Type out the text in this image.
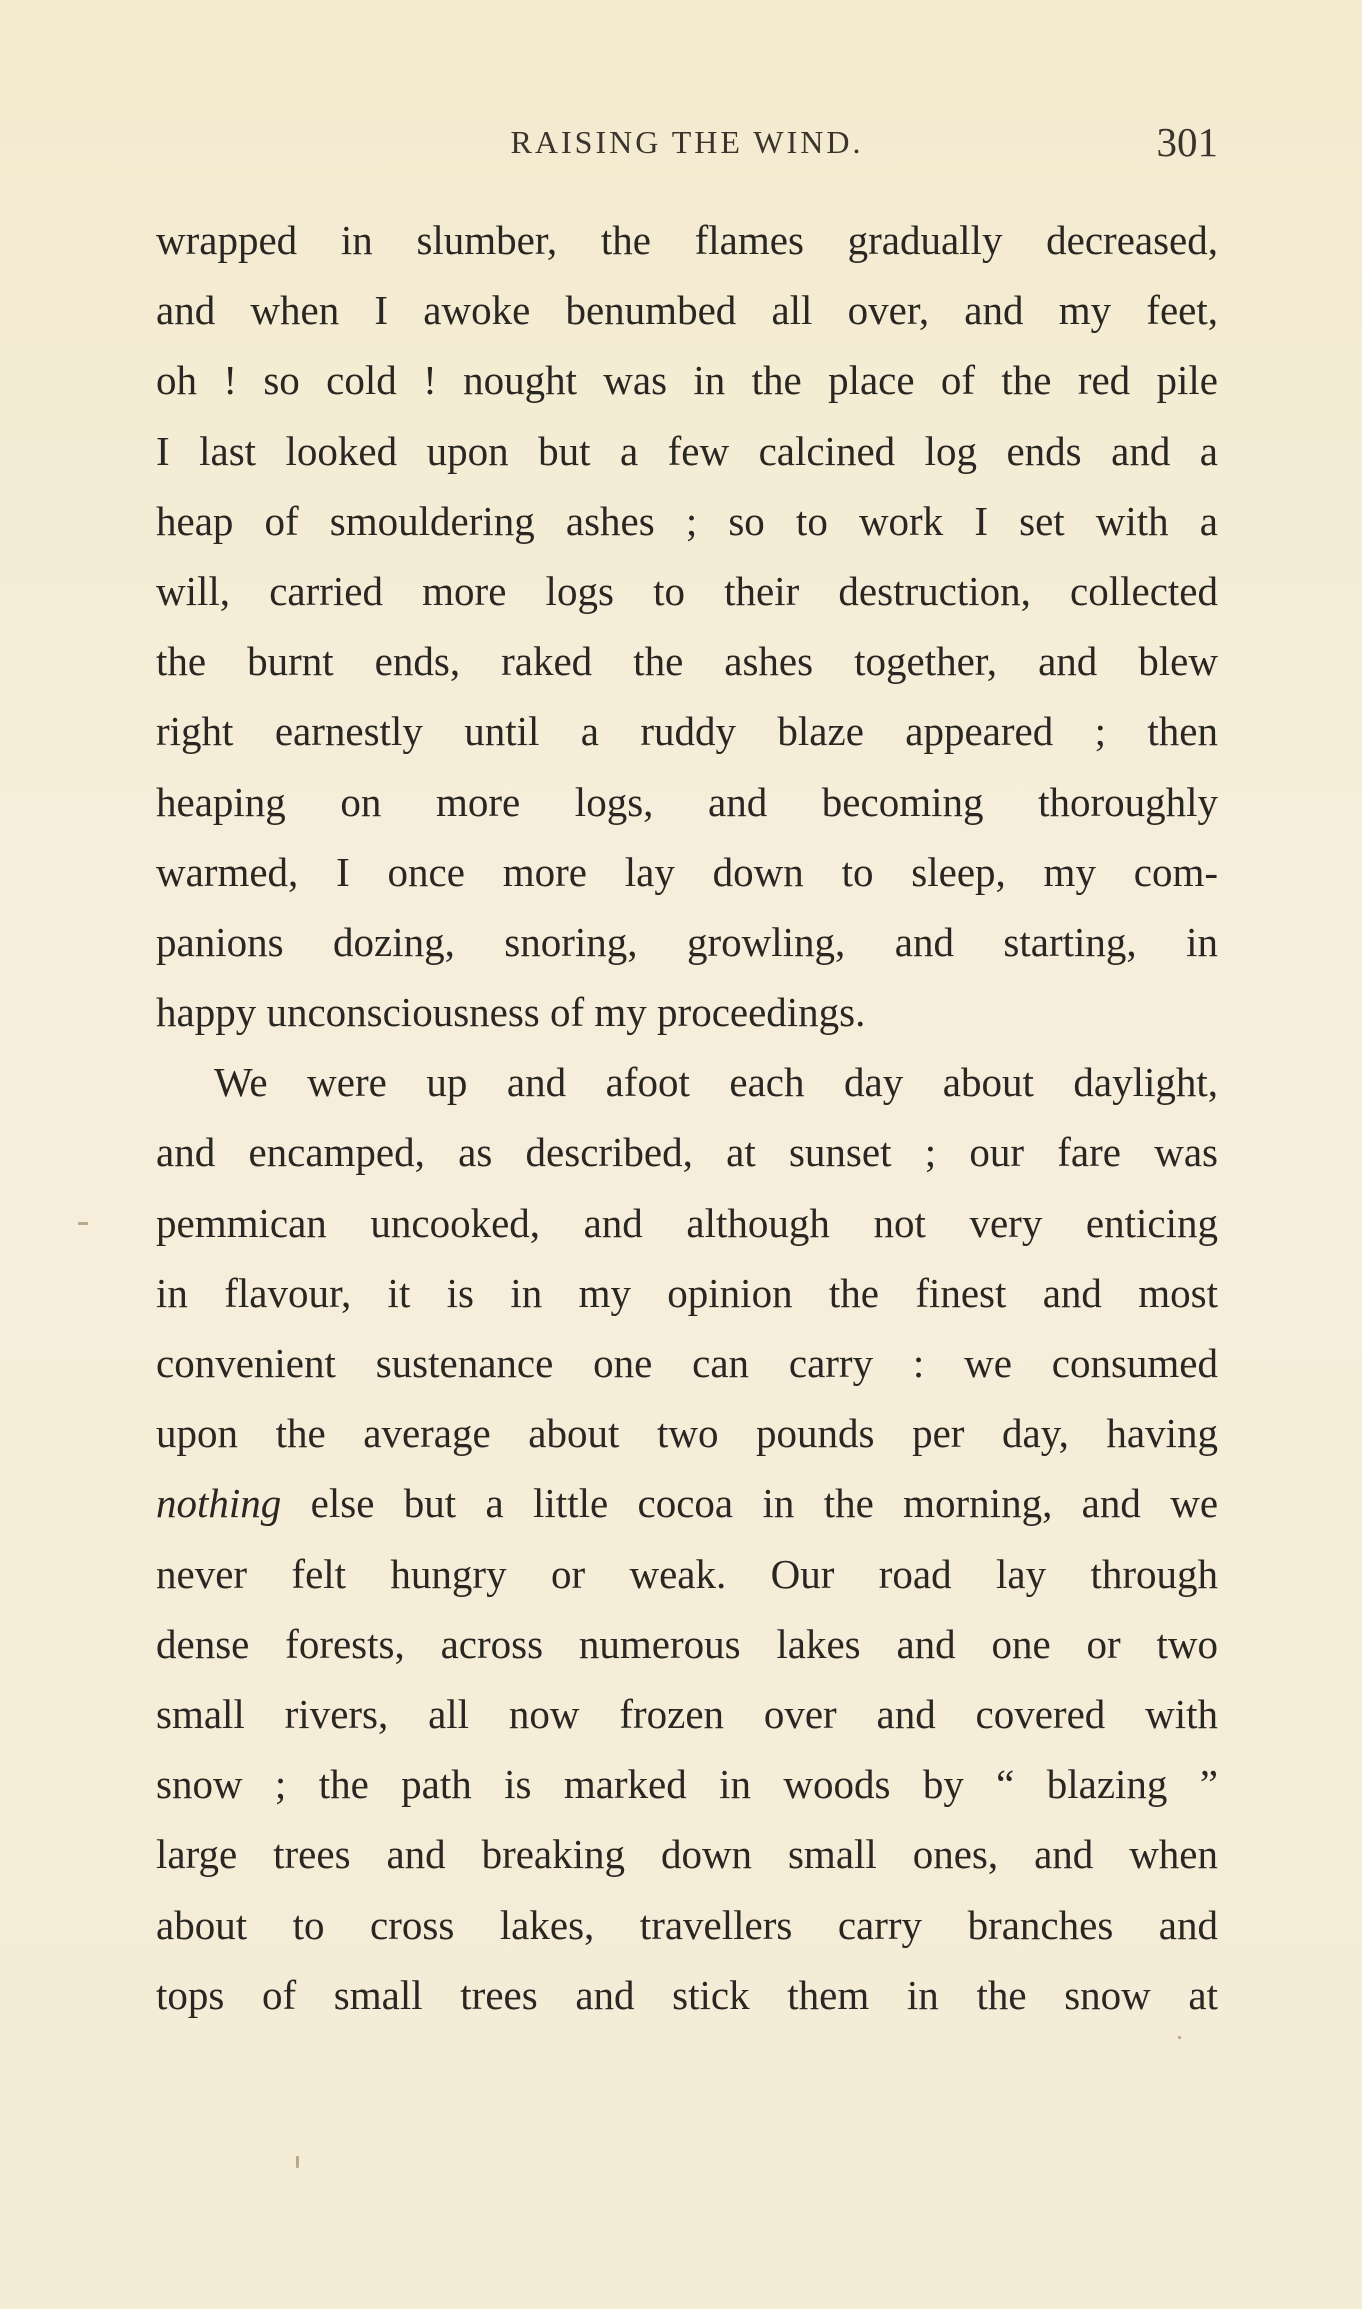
RAISING THE WIND.	301
wrapped in slumber, the flames gradually decreased,
and when I awoke benumbed all over, and my feet,
oh ! so cold ! nought was in the place of the red pile
I last looked upon but a few calcined log ends and a
heap of smouldering ashes ; so to work I set with a
will, carried more logs to their destruction, collected
the burnt ends, raked the ashes together, and blew
right earnestly until a ruddy blaze appeared ; then
heaping on more logs, and becoming thoroughly
warmed, I once more lay down to sleep, my com-
panions dozing, snoring, growling, and starting, in
happy unconsciousness of my proceedings.
We were up and afoot each day about daylight,
and encamped, as described, at sunset ; our fare was
pemmican uncooked, and although not very enticing
in flavour, it is in my opinion the finest and most
convenient sustenance one can carry : we consumed
upon the average about two pounds per day, having
nothing else but a little cocoa in the morning, and we
never felt hungry or weak. Our road lay through
dense forests, across numerous lakes and one or two
small rivers, all now frozen over and covered with
snow ; the path is marked in woods by “ blazing ”
large trees and breaking down small ones, and when
about to cross lakes, travellers carry branches and
tops of small trees and stick them in the snow at
